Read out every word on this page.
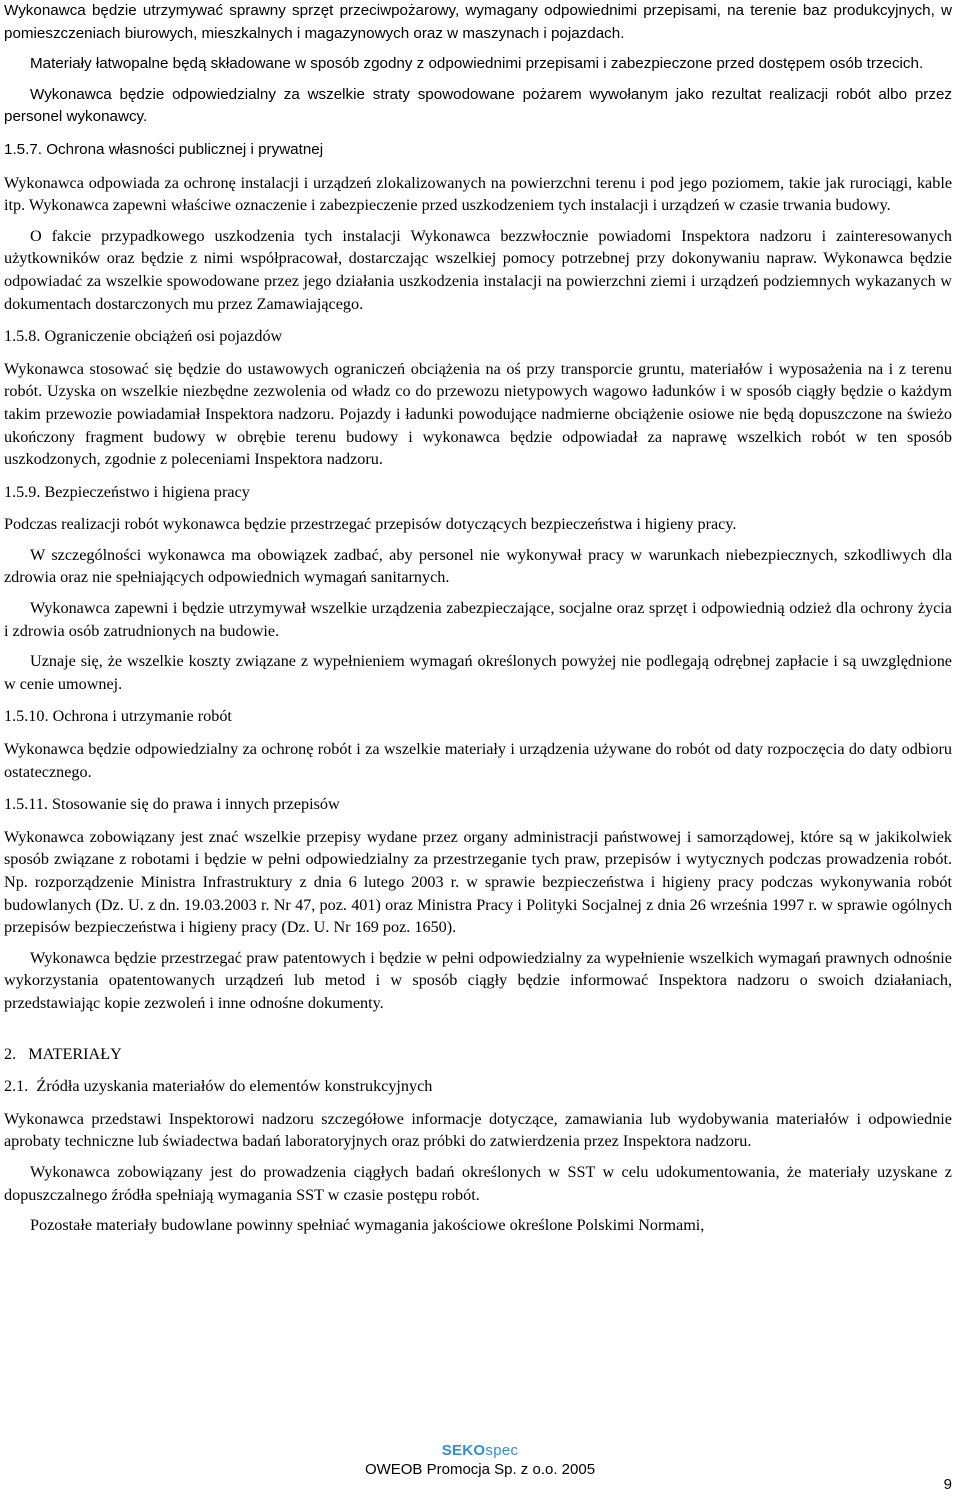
Wykonawca będzie utrzymywać sprawny sprzęt przeciwpożarowy, wymagany odpowiednimi przepisami, na terenie baz produkcyjnych, w pomieszczeniach biurowych, mieszkalnych i magazynowych oraz w maszynach i pojazdach.

Materiały łatwopalne będą składowane w sposób zgodny z odpowiednimi przepisami i zabezpieczone przed dostępem osób trzecich.

Wykonawca będzie odpowiedzialny za wszelkie straty spowodowane pożarem wywołanym jako rezultat realizacji robót albo przez personel wykonawcy.

1.5.7. Ochrona własności publicznej i prywatnej

Wykonawca odpowiada za ochronę instalacji i urządzeń zlokalizowanych na powierzchni terenu i pod jego poziomem, takie jak rurociągi, kable itp. Wykonawca zapewni właściwe oznaczenie i zabezpieczenie przed uszkodzeniem tych instalacji i urządzeń w czasie trwania budowy.

O fakcie przypadkowego uszkodzenia tych instalacji Wykonawca bezzwłocznie powiadomi Inspektora nadzoru i zainteresowanych użytkowników oraz będzie z nimi współpracował, dostarczając wszelkiej pomocy potrzebnej przy dokonywaniu napraw. Wykonawca będzie odpowiadać za wszelkie spowodowane przez jego działania uszkodzenia instalacji na powierzchni ziemi i urządzeń podziemnych wykazanych w dokumentach dostarczonych mu przez Zamawiającego.

1.5.8. Ograniczenie obciążeń osi pojazdów

Wykonawca stosować się będzie do ustawowych ograniczeń obciążenia na oś przy transporcie gruntu, materiałów i wyposażenia na i z terenu robót. Uzyska on wszelkie niezbędne zezwolenia od władz co do przewozu nietypowych wagowo ładunków i w sposób ciągły będzie o każdym takim przewozie powiadamiał Inspektora nadzoru. Pojazdy i ładunki powodujące nadmierne obciążenie osiowe nie będą dopuszczone na świeżo ukończony fragment budowy w obrębie terenu budowy i wykonawca będzie odpowiadał za naprawę wszelkich robót w ten sposób uszkodzonych, zgodnie z poleceniami Inspektora nadzoru.

1.5.9. Bezpieczeństwo i higiena pracy

Podczas realizacji robót wykonawca będzie przestrzegać przepisów dotyczących bezpieczeństwa i higieny pracy.

W szczególności wykonawca ma obowiązek zadbać, aby personel nie wykonywał pracy w warunkach niebezpiecznych, szkodliwych dla zdrowia oraz nie spełniających odpowiednich wymagań sanitarnych.

Wykonawca zapewni i będzie utrzymywał wszelkie urządzenia zabezpieczające, socjalne oraz sprzęt i odpowiednią odzież dla ochrony życia i zdrowia osób zatrudnionych na budowie.

Uznaje się, że wszelkie koszty związane z wypełnieniem wymagań określonych powyżej nie podlegają odrębnej zapłacie i są uwzględnione w cenie umownej.

1.5.10. Ochrona i utrzymanie robót

Wykonawca będzie odpowiedzialny za ochronę robót i za wszelkie materiały i urządzenia używane do robót od daty rozpoczęcia do daty odbioru ostatecznego.

1.5.11. Stosowanie się do prawa i innych przepisów

Wykonawca zobowiązany jest znać wszelkie przepisy wydane przez organy administracji państwowej i samorządowej, które są w jakikolwiek sposób związane z robotami i będzie w pełni odpowiedzialny za przestrzeganie tych praw, przepisów i wytycznych podczas prowadzenia robót. Np. rozporządzenie Ministra Infrastruktury z dnia 6 lutego 2003 r. w sprawie bezpieczeństwa i higieny pracy podczas wykonywania robót budowlanych (Dz. U. z dn. 19.03.2003 r. Nr 47, poz. 401) oraz Ministra Pracy i Polityki Socjalnej z dnia 26 września 1997 r. w sprawie ogólnych przepisów bezpieczeństwa i higieny pracy (Dz. U. Nr 169 poz. 1650).

Wykonawca będzie przestrzegać praw patentowych i będzie w pełni odpowiedzialny za wypełnienie wszelkich wymagań prawnych odnośnie wykorzystania opatentowanych urządzeń lub metod i w sposób ciągły będzie informować Inspektora nadzoru o swoich działaniach, przedstawiając kopie zezwoleń i inne odnośne dokumenty.

2.   MATERIAŁY

2.1.  Źródła uzyskania materiałów do elementów konstrukcyjnych

Wykonawca przedstawi Inspektorowi nadzoru szczegółowe informacje dotyczące, zamawiania lub wydobywania materiałów i odpowiednie aprobaty techniczne lub świadectwa badań laboratoryjnych oraz próbki do zatwierdzenia przez Inspektora nadzoru.

Wykonawca zobowiązany jest do prowadzenia ciągłych badań określonych w SST w celu udokumentowania, że materiały uzyskane z dopuszczalnego źródła spełniają wymagania SST w czasie postępu robót.

Pozostałe materiały budowlane powinny spełniać wymagania jakościowe określone Polskimi Normami,

SEKOspec
OWEOB Promocja Sp. z o.o. 2005
9
